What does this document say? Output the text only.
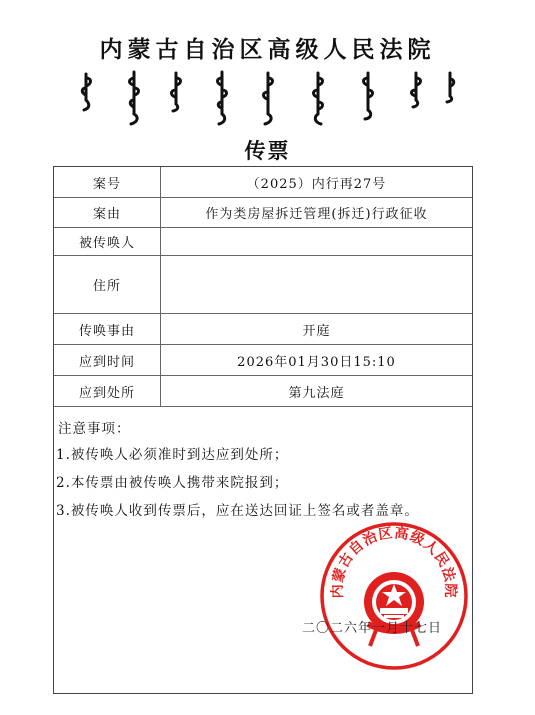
内蒙古自治区高级人民法院
传票
案号	（2025）内行再27号
案由	作为类房屋拆迁管理(拆迁)行政征收
被传唤人
住所
传唤事由	开庭
应到时间	2026年01月30日15:10
应到处所	第九法庭
注意事项：
1.被传唤人必须准时到达应到处所；
2.本传票由被传唤人携带来院报到；
3.被传唤人收到传票后，应在送达回证上签名或者盖章。
内蒙古自治区高级人民法院
二〇二六年一月十七日
